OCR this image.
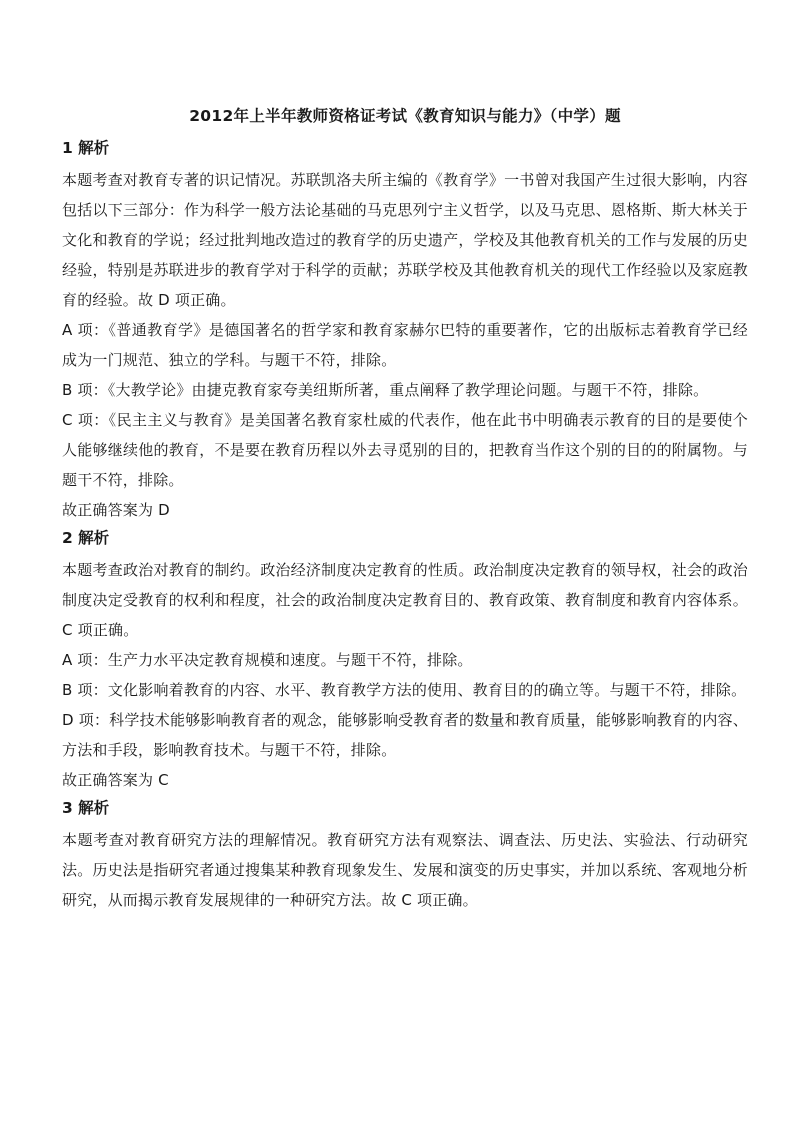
2012年上半年教师资格证考试《教育知识与能力》（中学）题
1 解析

本题考查对教育专著的识记情况。苏联凯洛夫所主编的《教育学》一书曾对我国产生过很大影响，内容包括以下三部分：作为科学一般方法论基础的马克思列宁主义哲学，以及马克思、恩格斯、斯大林关于文化和教育的学说；经过批判地改造过的教育学的历史遗产，学校及其他教育机关的工作与发展的历史经验，特别是苏联进步的教育学对于科学的贡献；苏联学校及其他教育机关的现代工作经验以及家庭教育的经验。故 D 项正确。

A 项：《普通教育学》是德国著名的哲学家和教育家赫尔巴特的重要著作，它的出版标志着教育学已经成为一门规范、独立的学科。与题干不符，排除。

B 项：《大教学论》由捷克教育家夸美纽斯所著，重点阐释了教学理论问题。与题干不符，排除。

C 项：《民主主义与教育》是美国著名教育家杜威的代表作，他在此书中明确表示教育的目的是要使个人能够继续他的教育，不是要在教育历程以外去寻觅别的目的，把教育当作这个别的目的的附属物。与题干不符，排除。

故正确答案为 D

2 解析

本题考查政治对教育的制约。政治经济制度决定教育的性质。政治制度决定教育的领导权，社会的政治制度决定受教育的权利和程度，社会的政治制度决定教育目的、教育政策、教育制度和教育内容体系。C 项正确。

A 项：生产力水平决定教育规模和速度。与题干不符，排除。

B 项：文化影响着教育的内容、水平、教育教学方法的使用、教育目的的确立等。与题干不符，排除。

D 项：科学技术能够影响教育者的观念，能够影响受教育者的数量和教育质量，能够影响教育的内容、方法和手段，影响教育技术。与题干不符，排除。

故正确答案为 C

3 解析

本题考查对教育研究方法的理解情况。教育研究方法有观察法、调查法、历史法、实验法、行动研究法。历史法是指研究者通过搜集某种教育现象发生、发展和演变的历史事实，并加以系统、客观地分析研究，从而揭示教育发展规律的一种研究方法。故 C 项正确。
